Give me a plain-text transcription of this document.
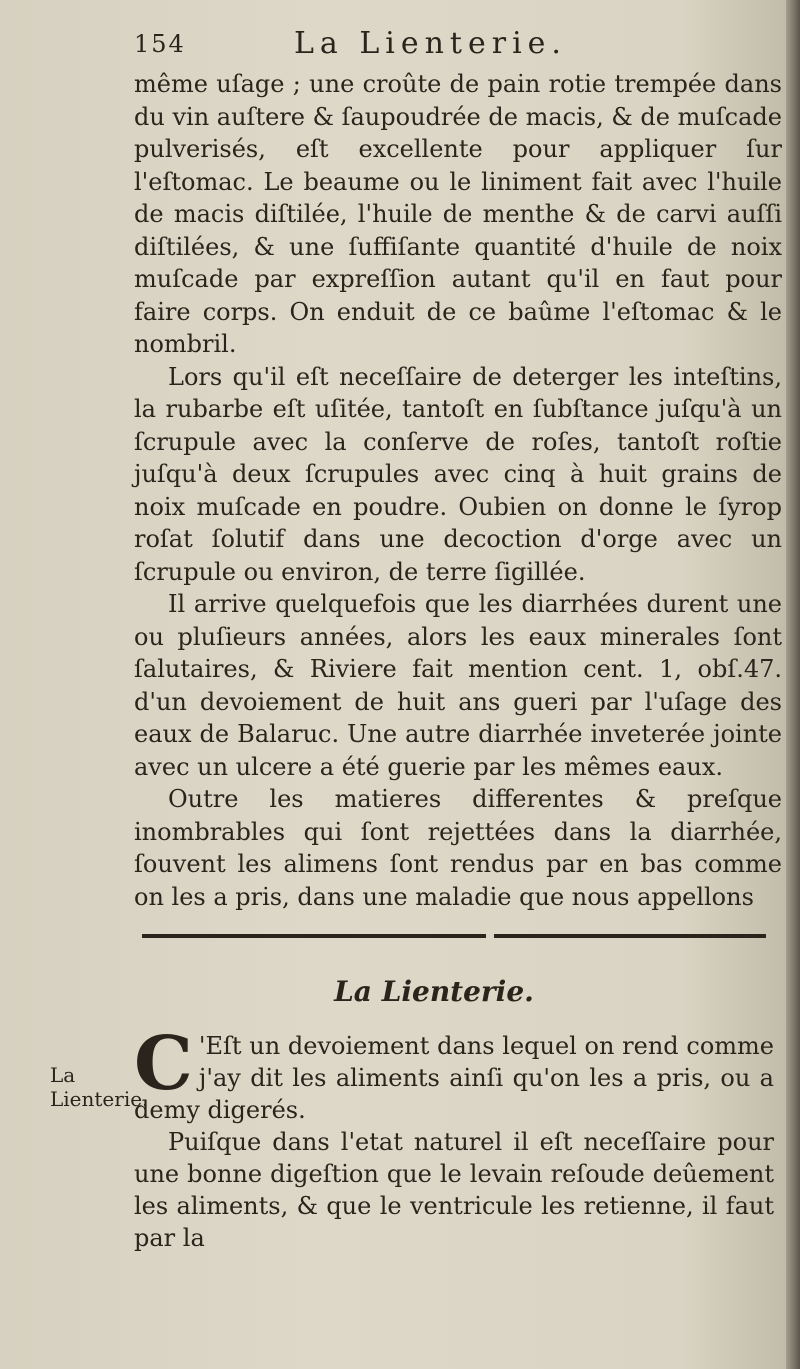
154	La Lienterie.

même uſage ; une croûte de pain rotie trempée dans du vin auſtere & ſaupoudrée de macis, & de muſcade pulverisés, eſt excellente pour appliquer ſur l'eſtomac. Le beaume ou le liniment fait avec l'huile de macis diſtilée, l'huile de menthe & de carvi auſſi diſtilées, & une ſuffiſante quantité d'huile de noix muſcade par expreſſion autant qu'il en faut pour faire corps. On enduit de ce baûme l'eſtomac & le nombril.

Lors qu'il eſt neceſſaire de deterger les inteſtins, la rubarbe eſt uſitée, tantoſt en ſubſtance juſqu'à un ſcrupule avec la conſerve de roſes, tantoſt roſtie juſqu'à deux ſcrupules avec cinq à huit grains de noix muſcade en poudre. Oubien on donne le ſyrop roſat ſolutif dans une decoction d'orge avec un ſcrupule ou environ, de terre ſigillée.

Il arrive quelquefois que les diarrhées durent une ou pluſieurs années, alors les eaux minerales ſont ſalutaires, & Riviere fait mention cent. 1, obſ.47. d'un devoiement de huit ans gueri par l'uſage des eaux de Balaruc. Une autre diarrhée inveterée jointe avec un ulcere a été guerie par les mêmes eaux.

Outre les matieres differentes & preſque inombrables qui ſont rejettées dans la diarrhée, ſouvent les alimens ſont rendus par en bas comme on les a pris, dans une maladie que nous appellons

La Lienterie.
La Lienterie.

C 'Eſt un devoiement dans lequel on rend comme j'ay dit les aliments ainſi qu'on les a pris, ou a demy digerés.

Puiſque dans l'etat naturel il eſt neceſſaire pour une bonne digeſtion que le levain reſoude deûement les aliments, & que le ventricule les retienne, il faut par la
